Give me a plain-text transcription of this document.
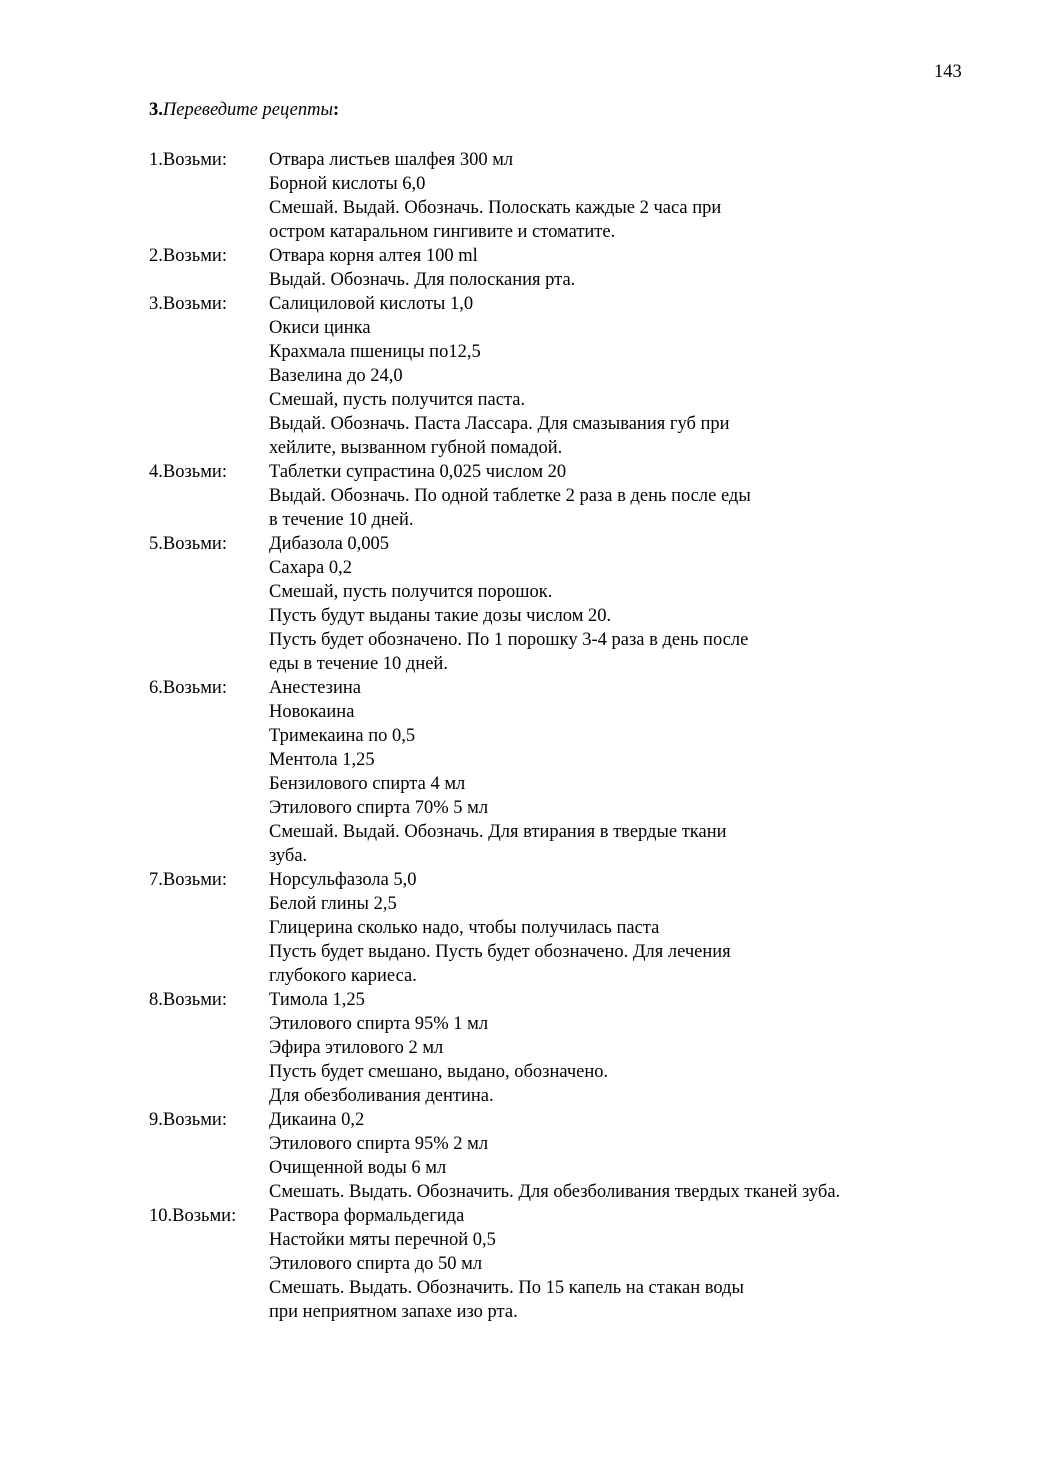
143
3.Переведите рецепты:
1.Возьми:	Отвара листьев шалфея 300 мл
Борной кислоты 6,0
Смешай. Выдай. Обозначь. Полоскать каждые 2 часа при
остром катаральном гингивите и стоматите.
2.Возьми:	Отвара корня алтея 100 ml
Выдай. Обозначь. Для полоскания рта.
3.Возьми:	Салициловой кислоты 1,0
Окиси цинка
Крахмала пшеницы по12,5
Вазелина до 24,0
Смешай, пусть получится паста.
Выдай. Обозначь. Паста Лассара. Для смазывания губ при
хейлите, вызванном губной помадой.
4.Возьми:	Таблетки супрастина 0,025 числом 20
Выдай. Обозначь. По одной таблетке 2 раза в день после еды
в течение 10 дней.
5.Возьми:	Дибазола 0,005
Сахара 0,2
Смешай, пусть получится порошок.
Пусть будут выданы такие дозы числом 20.
Пусть будет обозначено. По 1 порошку 3-4 раза в день после
еды в течение 10 дней.
6.Возьми:	Анестезина
Новокаина
Тримекаина по 0,5
Ментола 1,25
Бензилового спирта 4 мл
Этилового спирта 70% 5 мл
Смешай. Выдай. Обозначь. Для втирания в твердые ткани
зуба.
7.Возьми:	Норсульфазола 5,0
Белой глины 2,5
Глицерина сколько надо, чтобы получилась паста
Пусть будет выдано. Пусть будет обозначено. Для лечения
глубокого кариеса.
8.Возьми:	Тимола 1,25
Этилового спирта 95% 1 мл
Эфира этилового 2 мл
Пусть будет смешано, выдано, обозначено.
Для обезболивания дентина.
9.Возьми:	Дикаина 0,2
Этилового спирта 95% 2 мл
Очищенной воды 6 мл
Смешать. Выдать. Обозначить. Для обезболивания твердых тканей зуба.
10.Возьми:	Раствора формальдегида
Настойки мяты перечной 0,5
Этилового спирта до 50 мл
Смешать. Выдать. Обозначить. По 15 капель на стакан воды
при неприятном запахе изо рта.
